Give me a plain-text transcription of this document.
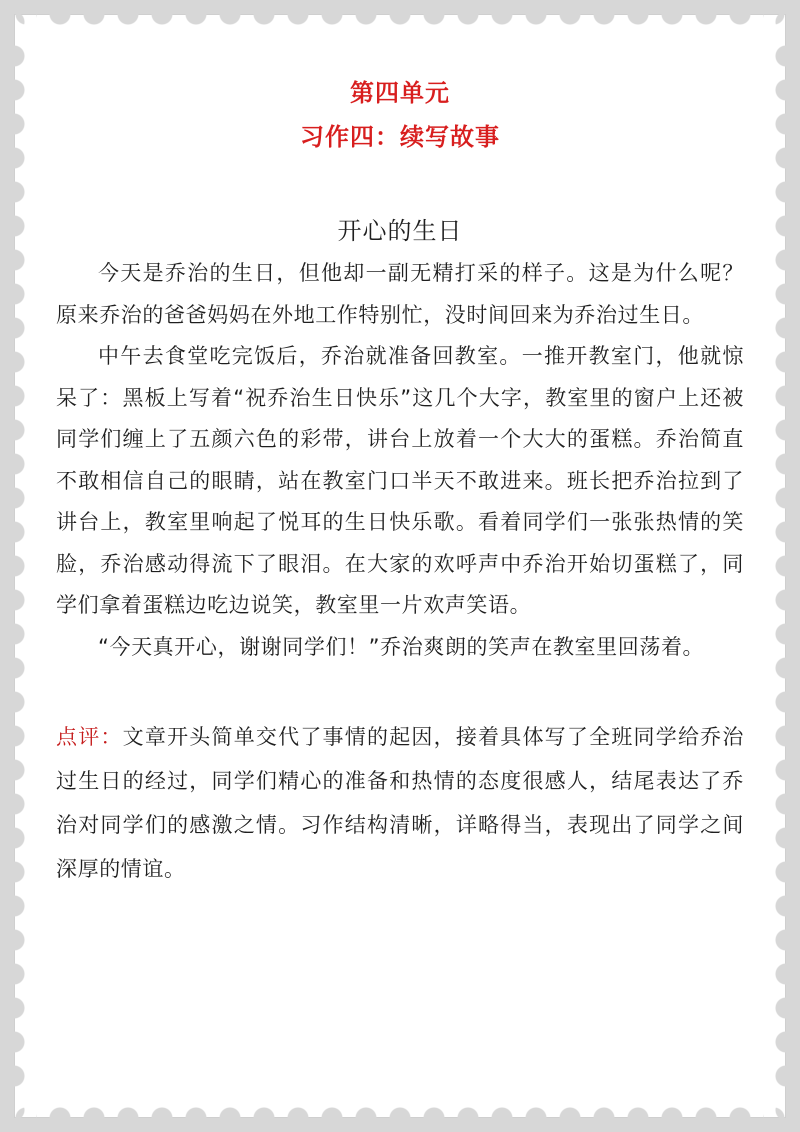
第四单元
习作四：续写故事
开心的生日

今天是乔治的生日，但他却一副无精打采的样子。这是为什么呢？原来乔治的爸爸妈妈在外地工作特别忙，没时间回来为乔治过生日。

中午去食堂吃完饭后，乔治就准备回教室。一推开教室门，他就惊呆了：黑板上写着“祝乔治生日快乐”这几个大字，教室里的窗户上还被同学们缠上了五颜六色的彩带，讲台上放着一个大大的蛋糕。乔治简直不敢相信自己的眼睛，站在教室门口半天不敢进来。班长把乔治拉到了讲台上，教室里响起了悦耳的生日快乐歌。看着同学们一张张热情的笑脸，乔治感动得流下了眼泪。在大家的欢呼声中乔治开始切蛋糕了，同学们拿着蛋糕边吃边说笑，教室里一片欢声笑语。

“今天真开心，谢谢同学们！”乔治爽朗的笑声在教室里回荡着。

点评：文章开头简单交代了事情的起因，接着具体写了全班同学给乔治过生日的经过，同学们精心的准备和热情的态度很感人，结尾表达了乔治对同学们的感激之情。习作结构清晰，详略得当，表现出了同学之间深厚的情谊。
